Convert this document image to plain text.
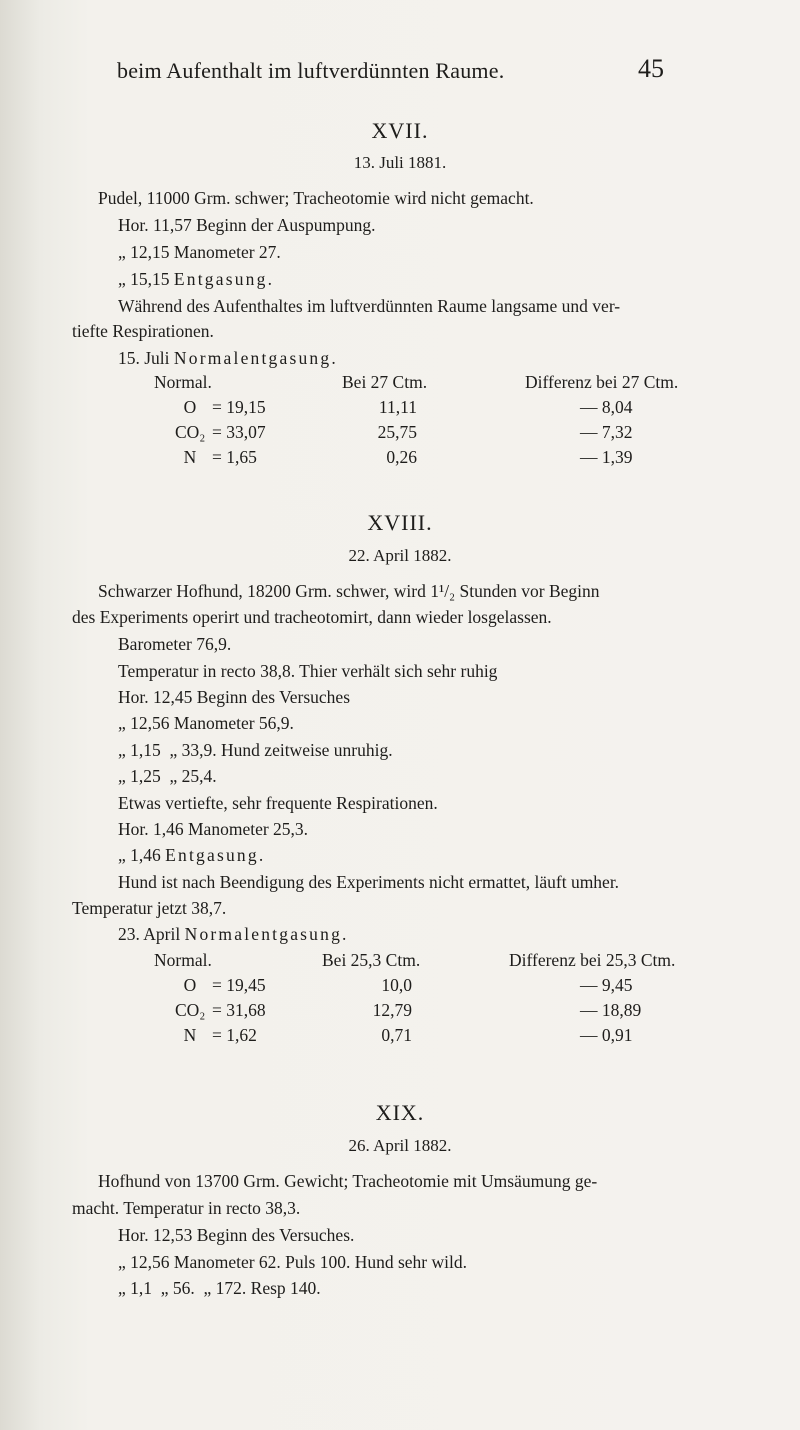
beim Aufenthalt im luftverdünnten Raume.	45
XVII.
13. Juli 1881.
Pudel, 11000 Grm. schwer; Tracheotomie wird nicht gemacht.
Hor. 11,57 Beginn der Auspumpung.
„ 12,15 Manometer 27.
„ 15,15 Entgasung.
Während des Aufenthaltes im luftverdünnten Raume langsame und ver-
tiefte Respirationen.
15. Juli Normalentgasung.
Normal.	Bei 27 Ctm.	Differenz bei 27 Ctm.
O = 19,15	11,11	— 8,04
CO₂ = 33,07	25,75	— 7,32
N = 1,65	0,26	— 1,39
XVIII.
22. April 1882.
Schwarzer Hofhund, 18200 Grm. schwer, wird 1¹/₂ Stunden vor Beginn
des Experiments operirt und tracheotomirt, dann wieder losgelassen.
Barometer 76,9.
Temperatur in recto 38,8. Thier verhält sich sehr ruhig
Hor. 12,45 Beginn des Versuches
„ 12,56 Manometer 56,9.
„ 1,15  „ 33,9. Hund zeitweise unruhig.
„ 1,25  „ 25,4.
Etwas vertiefte, sehr frequente Respirationen.
Hor. 1,46 Manometer 25,3.
„ 1,46 Entgasung.
Hund ist nach Beendigung des Experiments nicht ermattet, läuft umher.
Temperatur jetzt 38,7.
23. April Normalentgasung.
Normal.	Bei 25,3 Ctm.	Differenz bei 25,3 Ctm.
O = 19,45	10,0	— 9,45
CO₂ = 31,68	12,79	— 18,89
N = 1,62	0,71	— 0,91
XIX.
26. April 1882.
Hofhund von 13700 Grm. Gewicht; Tracheotomie mit Umsäumung ge-
macht. Temperatur in recto 38,3.
Hor. 12,53 Beginn des Versuches.
„ 12,56 Manometer 62. Puls 100. Hund sehr wild.
„ 1,1  „ 56.  „ 172. Resp 140.
